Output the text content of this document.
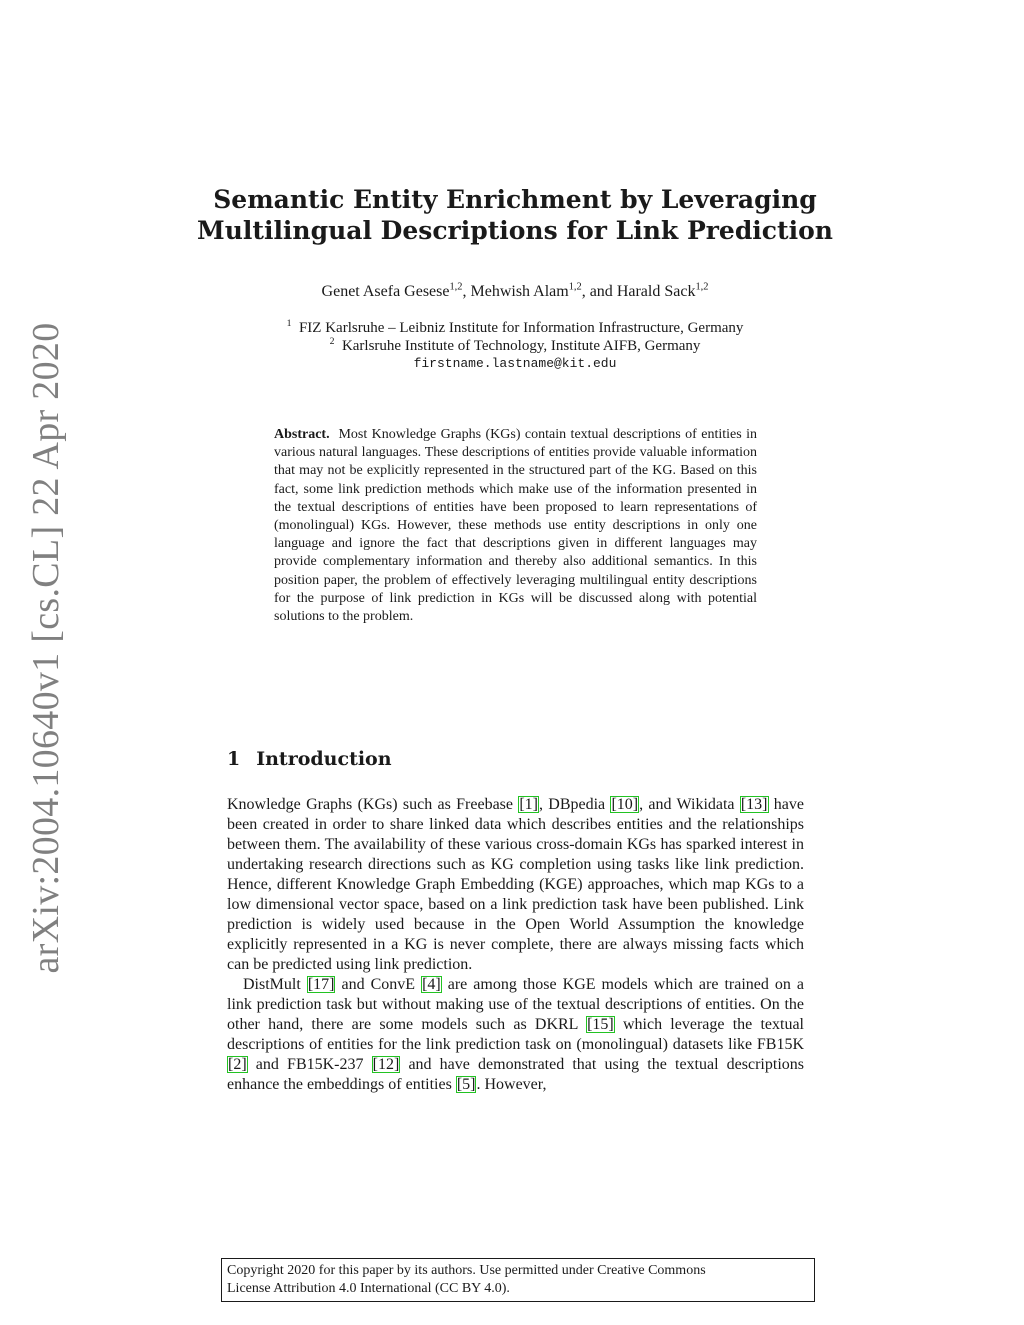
arXiv:2004.10640v1 [cs.CL] 22 Apr 2020
Semantic Entity Enrichment by Leveraging
Multilingual Descriptions for Link Prediction
Genet Asefa Gesese$^{1,2}$, Mehwish Alam$^{1,2}$, and Harald Sack$^{1,2}$
$^1$ FIZ Karlsruhe – Leibniz Institute for Information Infrastructure, Germany
$^2$ Karlsruhe Institute of Technology, Institute AIFB, Germany
firstname.lastname@kit.edu
Abstract. Most Knowledge Graphs (KGs) contain textual descriptions of entities in various natural languages. These descriptions of entities provide valuable information that may not be explicitly represented in the structured part of the KG. Based on this fact, some link prediction methods which make use of the information presented in the textual descriptions of entities have been proposed to learn representations of (monolingual) KGs. However, these methods use entity descriptions in only one language and ignore the fact that descriptions given in different languages may provide complementary information and thereby also additional semantics. In this position paper, the problem of effectively leveraging multilingual entity descriptions for the purpose of link prediction in KGs will be discussed along with potential solutions to the problem.
1 Introduction

Knowledge Graphs (KGs) such as Freebase [1], DBpedia [10], and Wikidata [13] have been created in order to share linked data which describes entities and the relationships between them. The availability of these various cross-domain KGs has sparked interest in undertaking research directions such as KG completion using tasks like link prediction. Hence, different Knowledge Graph Embedding (KGE) approaches, which map KGs to a low dimensional vector space, based on a link prediction task have been published. Link prediction is widely used because in the Open World Assumption the knowledge explicitly represented in a KG is never complete, there are always missing facts which can be predicted using link prediction.

DistMult [17] and ConvE [4] are among those KGE models which are trained on a link prediction task but without making use of the textual descriptions of entities. On the other hand, there are some models such as DKRL [15] which leverage the textual descriptions of entities for the link prediction task on (monolingual) datasets like FB15K [2] and FB15K-237 [12] and have demonstrated that using the textual descriptions enhance the embeddings of entities [5]. However,

Copyright 2020 for this paper by its authors. Use permitted under Creative Commons
License Attribution 4.0 International (CC BY 4.0).
